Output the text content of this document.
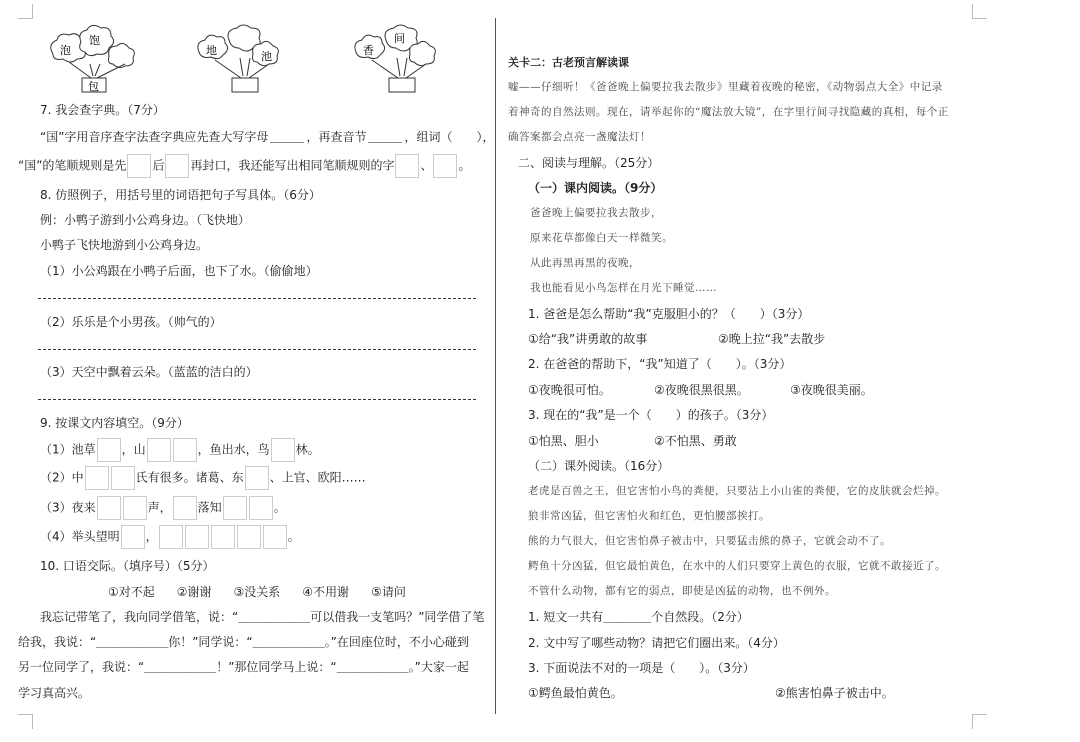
泡
饱
包
地	池	香
间
7. 我会查字典。（7分）
“国”字用音序查字法查字典应先查大写字母	，再查音节	，组词（　　），
“国”的笔顺规则是先 后 再封口，我还能写出相同笔顺规则的字 、 。
8. 仿照例子，用括号里的词语把句子写具体。（6分）
例：小鸭子游到小公鸡身边。（飞快地）
小鸭子飞快地游到小公鸡身边。
（1）小公鸡跟在小鸭子后面，也下了水。（偷偷地）
（2）乐乐是个小男孩。（帅气的）
（3）天空中飘着云朵。（蓝蓝的洁白的）
9. 按课文内容填空。（9分）
（1）池草 ，山	，鱼出水，鸟 林。
（2）中	氏有很多。诸葛、东 、上官、欧阳……
（3）夜来	声， 落知	。
（4）举头望明 ，	。
10. 口语交际。（填序号）（5分）
①对不起 ②谢谢 ③没关系 ④不用谢 ⑤请问
我忘记带笔了，我向同学借笔，说：“＿＿＿＿＿＿可以借我一支笔吗？”同学借了笔
给我，我说：“＿＿＿＿＿＿你！”同学说：“＿＿＿＿＿＿。”在回座位时，不小心碰到
另一位同学了，我说：“＿＿＿＿＿＿！”那位同学马上说：“＿＿＿＿＿＿。”大家一起
学习真高兴。
关卡二：古老预言解读课
嘘——仔细听！《爸爸晚上偏要拉我去散步》里藏着夜晚的秘密，《动物弱点大全》中记录
着神奇的自然法则。现在，请举起你的“魔法放大镜”，在字里行间寻找隐藏的真相，每个正
确答案都会点亮一盏魔法灯！
二、阅读与理解。（25分）
（一）课内阅读。（9分）
爸爸晚上偏要拉我去散步，
原来花草都像白天一样微笑。
从此再黑再黑的夜晚，
我也能看见小鸟怎样在月光下睡觉……
1. 爸爸是怎么帮助“我”克服胆小的？（　　）（3分）
①给“我”讲勇敢的故事	②晚上拉“我”去散步
2. 在爸爸的帮助下，“我”知道了（　　）。（3分）
①夜晚很可怕。	②夜晚很黑很黑。	③夜晚很美丽。
3. 现在的“我”是一个（　　）的孩子。（3分）
①怕黑、胆小	②不怕黑、勇敢
（二）课外阅读。（16分）
老虎是百兽之王，但它害怕小鸟的粪便，只要沾上小山雀的粪便，它的皮肤就会烂掉。
狼非常凶猛，但它害怕火和红色，更怕腰部挨打。
熊的力气很大，但它害怕鼻子被击中，只要猛击熊的鼻子，它就会动不了。
鳄鱼十分凶猛，但它最怕黄色，在水中的人们只要穿上黄色的衣服，它就不敢接近了。
不管什么动物，都有它的弱点，即使是凶猛的动物，也不例外。
1. 短文一共有＿＿＿＿个自然段。（2分）
2. 文中写了哪些动物？请把它们圈出来。（4分）
3. 下面说法不对的一项是（　　）。（3分）
①鳄鱼最怕黄色。	②熊害怕鼻子被击中。
